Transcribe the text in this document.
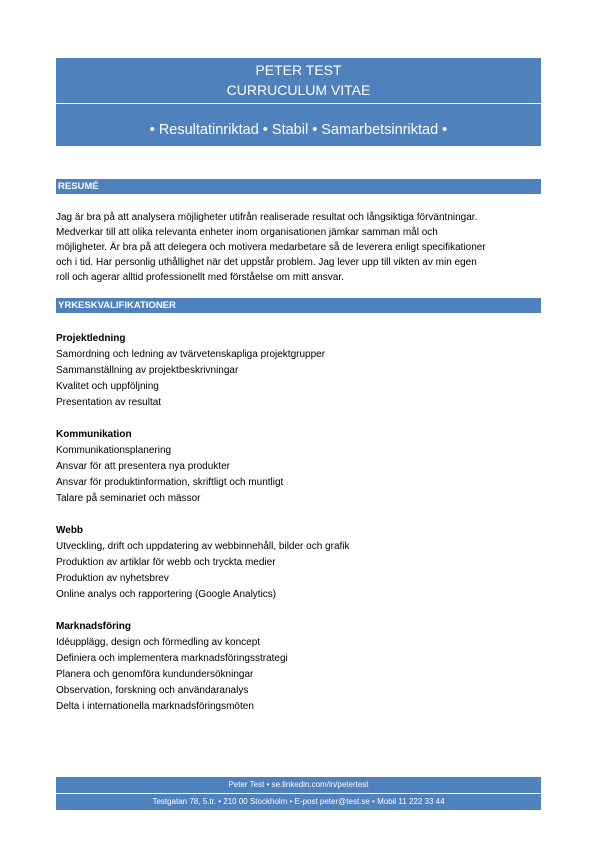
PETER TEST
CURRUCULUM VITAE
• Resultatinriktad • Stabil • Samarbetsinriktad •
RESUMÉ
Jag är bra på att analysera möjligheter utifrån realiserade resultat och långsiktiga förväntningar.
Medverkar till att olika relevanta enheter inom organisationen jämkar samman mål och
möjligheter. Är bra på att delegera och motivera medarbetare så de leverera enligt specifikationer
och i tid. Har personlig uthållighet när det uppstår problem. Jag lever upp till vikten av min egen
roll och agerar alltid professionellt med förståelse om mitt ansvar.
YRKESKVALIFIKATIONER
Projektledning
Samordning och ledning av tvärvetenskapliga projektgrupper
Sammanställning av projektbeskrivningar
Kvalitet och uppföljning
Presentation av resultat
Kommunikation
Kommunikationsplanering
Ansvar för att presentera nya produkter
Ansvar för produktinformation, skriftligt och muntligt
Talare på seminariet och mässor
Webb
Utveckling, drift och uppdatering av webbinnehåll, bilder och grafik
Produktion av artiklar för webb och tryckta medier
Produktion av nyhetsbrev
Online analys och rapportering (Google Analytics)
Marknadsföring
Idéupplägg, design och förmedling av koncept
Definiera och implementera marknadsföringsstrategi
Planera och genomföra kundundersökningar
Observation, forskning och användaranalys
Delta i internationella marknadsföringsmöten
Peter Test • se.linkedin.com/in/petertest
Testgatan 78, 5.tr. • 210 00 Stockholm • E-post peter@test.se • Mobil 11 222 33 44
